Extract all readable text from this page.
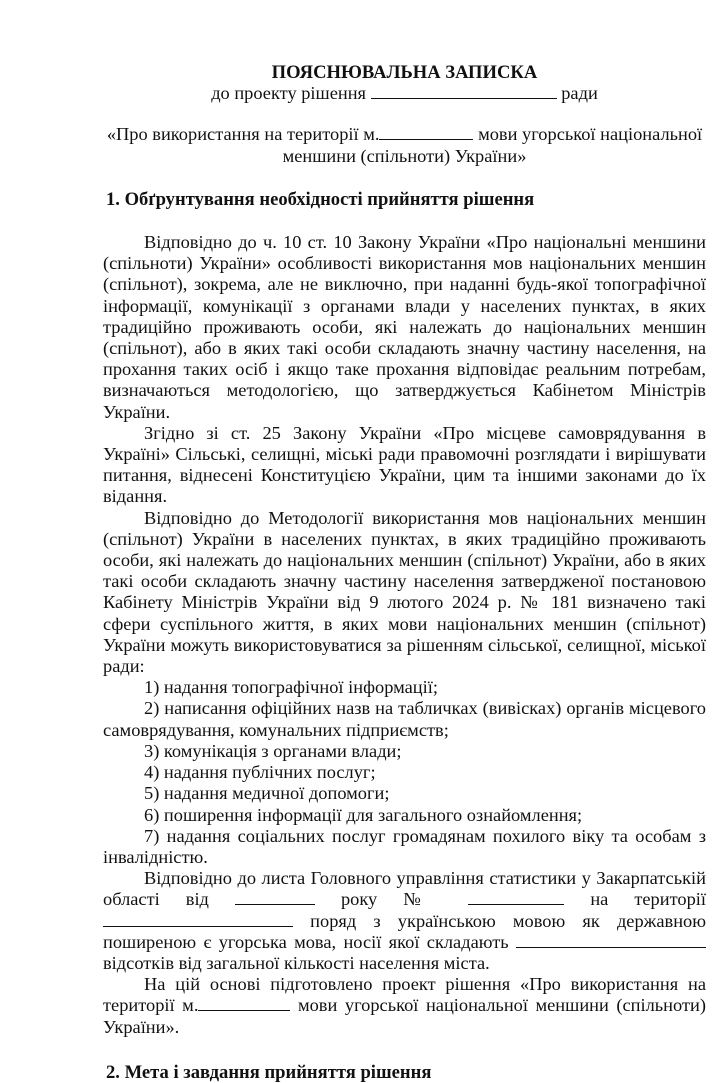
ПОЯСНЮВАЛЬНА ЗАПИСКА

до проекту рішення	ради

«Про використання на території м.	мови угорської національної меншини (спільноти) України»

1. Обґрунтування необхідності прийняття рішення

Відповідно до ч. 10 ст. 10 Закону України «Про національні меншини (спільноти) України» особливості використання мов національних меншин (спільнот), зокрема, але не виключно, при наданні будь-якої топографічної інформації, комунікації з органами влади у населених пунктах, в яких традиційно проживають особи, які належать до національних меншин (спільнот), або в яких такі особи складають значну частину населення, на прохання таких осіб і якщо таке прохання відповідає реальним потребам, визначаються методологією, що затверджується Кабінетом Міністрів України.

Згідно зі ст. 25 Закону України «Про місцеве самоврядування в Україні» Сільські, селищні, міські ради правомочні розглядати і вирішувати питання, віднесені Конституцією України, цим та іншими законами до їх відання.

Відповідно до Методології використання мов національних меншин (спільнот) України в населених пунктах, в яких традиційно проживають особи, які належать до національних меншин (спільнот) України, або в яких такі особи складають значну частину населення затвердженої постановою Кабінету Міністрів України від 9 лютого 2024 р. № 181 визначено такі сфери суспільного життя, в яких мови національних меншин (спільнот) України можуть використовуватися за рішенням сільської, селищної, міської ради:

1) надання топографічної інформації;

2) написання офіційних назв на табличках (вивісках) органів місцевого самоврядування, комунальних підприємств;

3) комунікація з органами влади;

4) надання публічних послуг;

5) надання медичної допомоги;

6) поширення інформації для загального ознайомлення;

7) надання соціальних послуг громадянам похилого віку та особам з інвалідністю.

Відповідно до листа Головного управління статистики у Закарпатській області від	року №	на території  поряд з українською мовою як державною поширеною є угорська мова, носії якої складають  відсотків від загальної кількості населення міста.

На цій основі підготовлено проект рішення «Про використання на території м.	мови угорської національної меншини (спільноти) України».

2. Мета і завдання прийняття рішення
